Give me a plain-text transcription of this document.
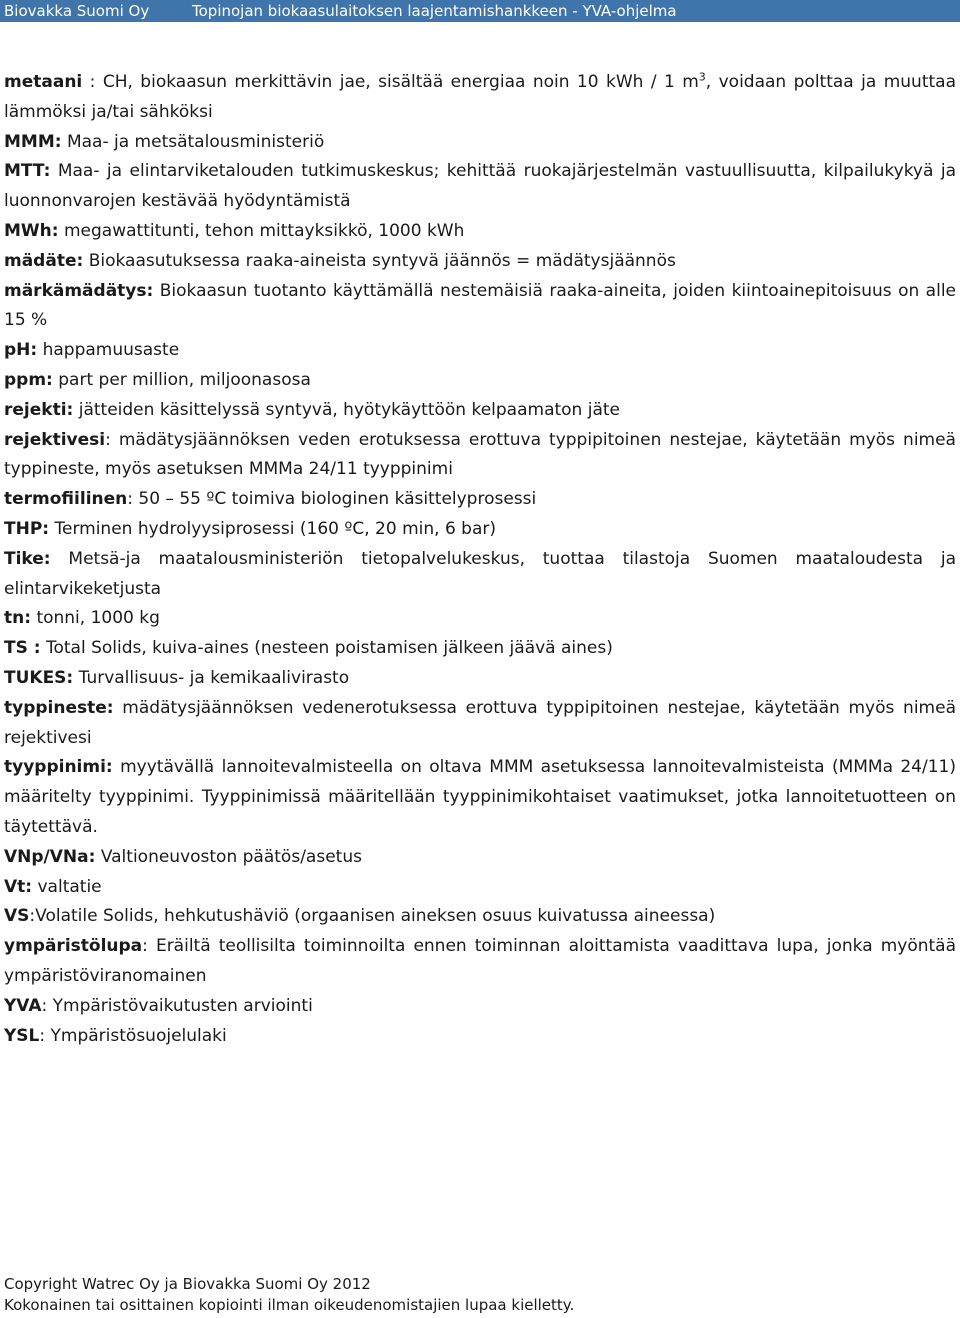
Biovakka Suomi Oy	Topinojan biokaasulaitoksen laajentamishankkeen - YVA-ohjelma
metaani : CH, biokaasun merkittävin jae, sisältää energiaa noin 10 kWh / 1 $m^3$, voidaan polttaa ja muuttaa lämmöksi ja/tai sähköksi
MMM: Maa- ja metsätalousministeriö
MTT: Maa- ja elintarviketalouden tutkimuskeskus; kehittää ruokajärjestelmän vastuullisuutta, kilpailukykyä ja luonnonvarojen kestävää hyödyntämistä
MWh: megawattitunti, tehon mittayksikkö, 1000 kWh
mädäte: Biokaasutuksessa raaka-aineista syntyvä jäännös = mädätysjäännös
märkämädätys: Biokaasun tuotanto käyttämällä nestemäisiä raaka-aineita, joiden kiintoainepitoisuus on alle 15 %
pH: happamuusaste
ppm: part per million, miljoonasosa
rejekti: jätteiden käsittelyssä syntyvä, hyötykäyttöön kelpaamaton jäte
rejektivesi: mädätysjäännöksen veden erotuksessa erottuva typpipitoinen nestejae, käytetään myös nimeä typpineste, myös asetuksen MMMa 24/11 tyyppinimi
termofiilinen: 50 – 55 ºC toimiva biologinen käsittelyprosessi
THP: Terminen hydrolyysiprosessi (160 ºC, 20 min, 6 bar)
Tike: Metsä-ja maatalousministeriön tietopalvelukeskus, tuottaa tilastoja Suomen maataloudesta ja elintarvikeketjusta
tn: tonni, 1000 kg
TS : Total Solids, kuiva-aines (nesteen poistamisen jälkeen jäävä aines)
TUKES: Turvallisuus- ja kemikaalivirasto
typpineste: mädätysjäännöksen vedenerotuksessa erottuva typpipitoinen nestejae, käytetään myös nimeä rejektivesi
tyyppinimi: myytävällä lannoitevalmisteella on oltava MMM asetuksessa lannoitevalmisteista (MMMa 24/11) määritelty tyyppinimi. Tyyppinimissä määritellään tyyppinimikohtaiset vaatimukset, jotka lannoitetuotteen on täytettävä.
VNp/VNa: Valtioneuvoston päätös/asetus
Vt: valtatie
VS:Volatile Solids, hehkutushäviö (orgaanisen aineksen osuus kuivatussa aineessa)
ympäristölupa: Eräiltä teollisilta toiminnoilta ennen toiminnan aloittamista vaadittava lupa, jonka myöntää ympäristöviranomainen
YVA: Ympäristövaikutusten arviointi
YSL: Ympäristösuojelulaki
Copyright Watrec Oy ja Biovakka Suomi Oy 2012
Kokonainen tai osittainen kopiointi ilman oikeudenomistajien lupaa kielletty.
